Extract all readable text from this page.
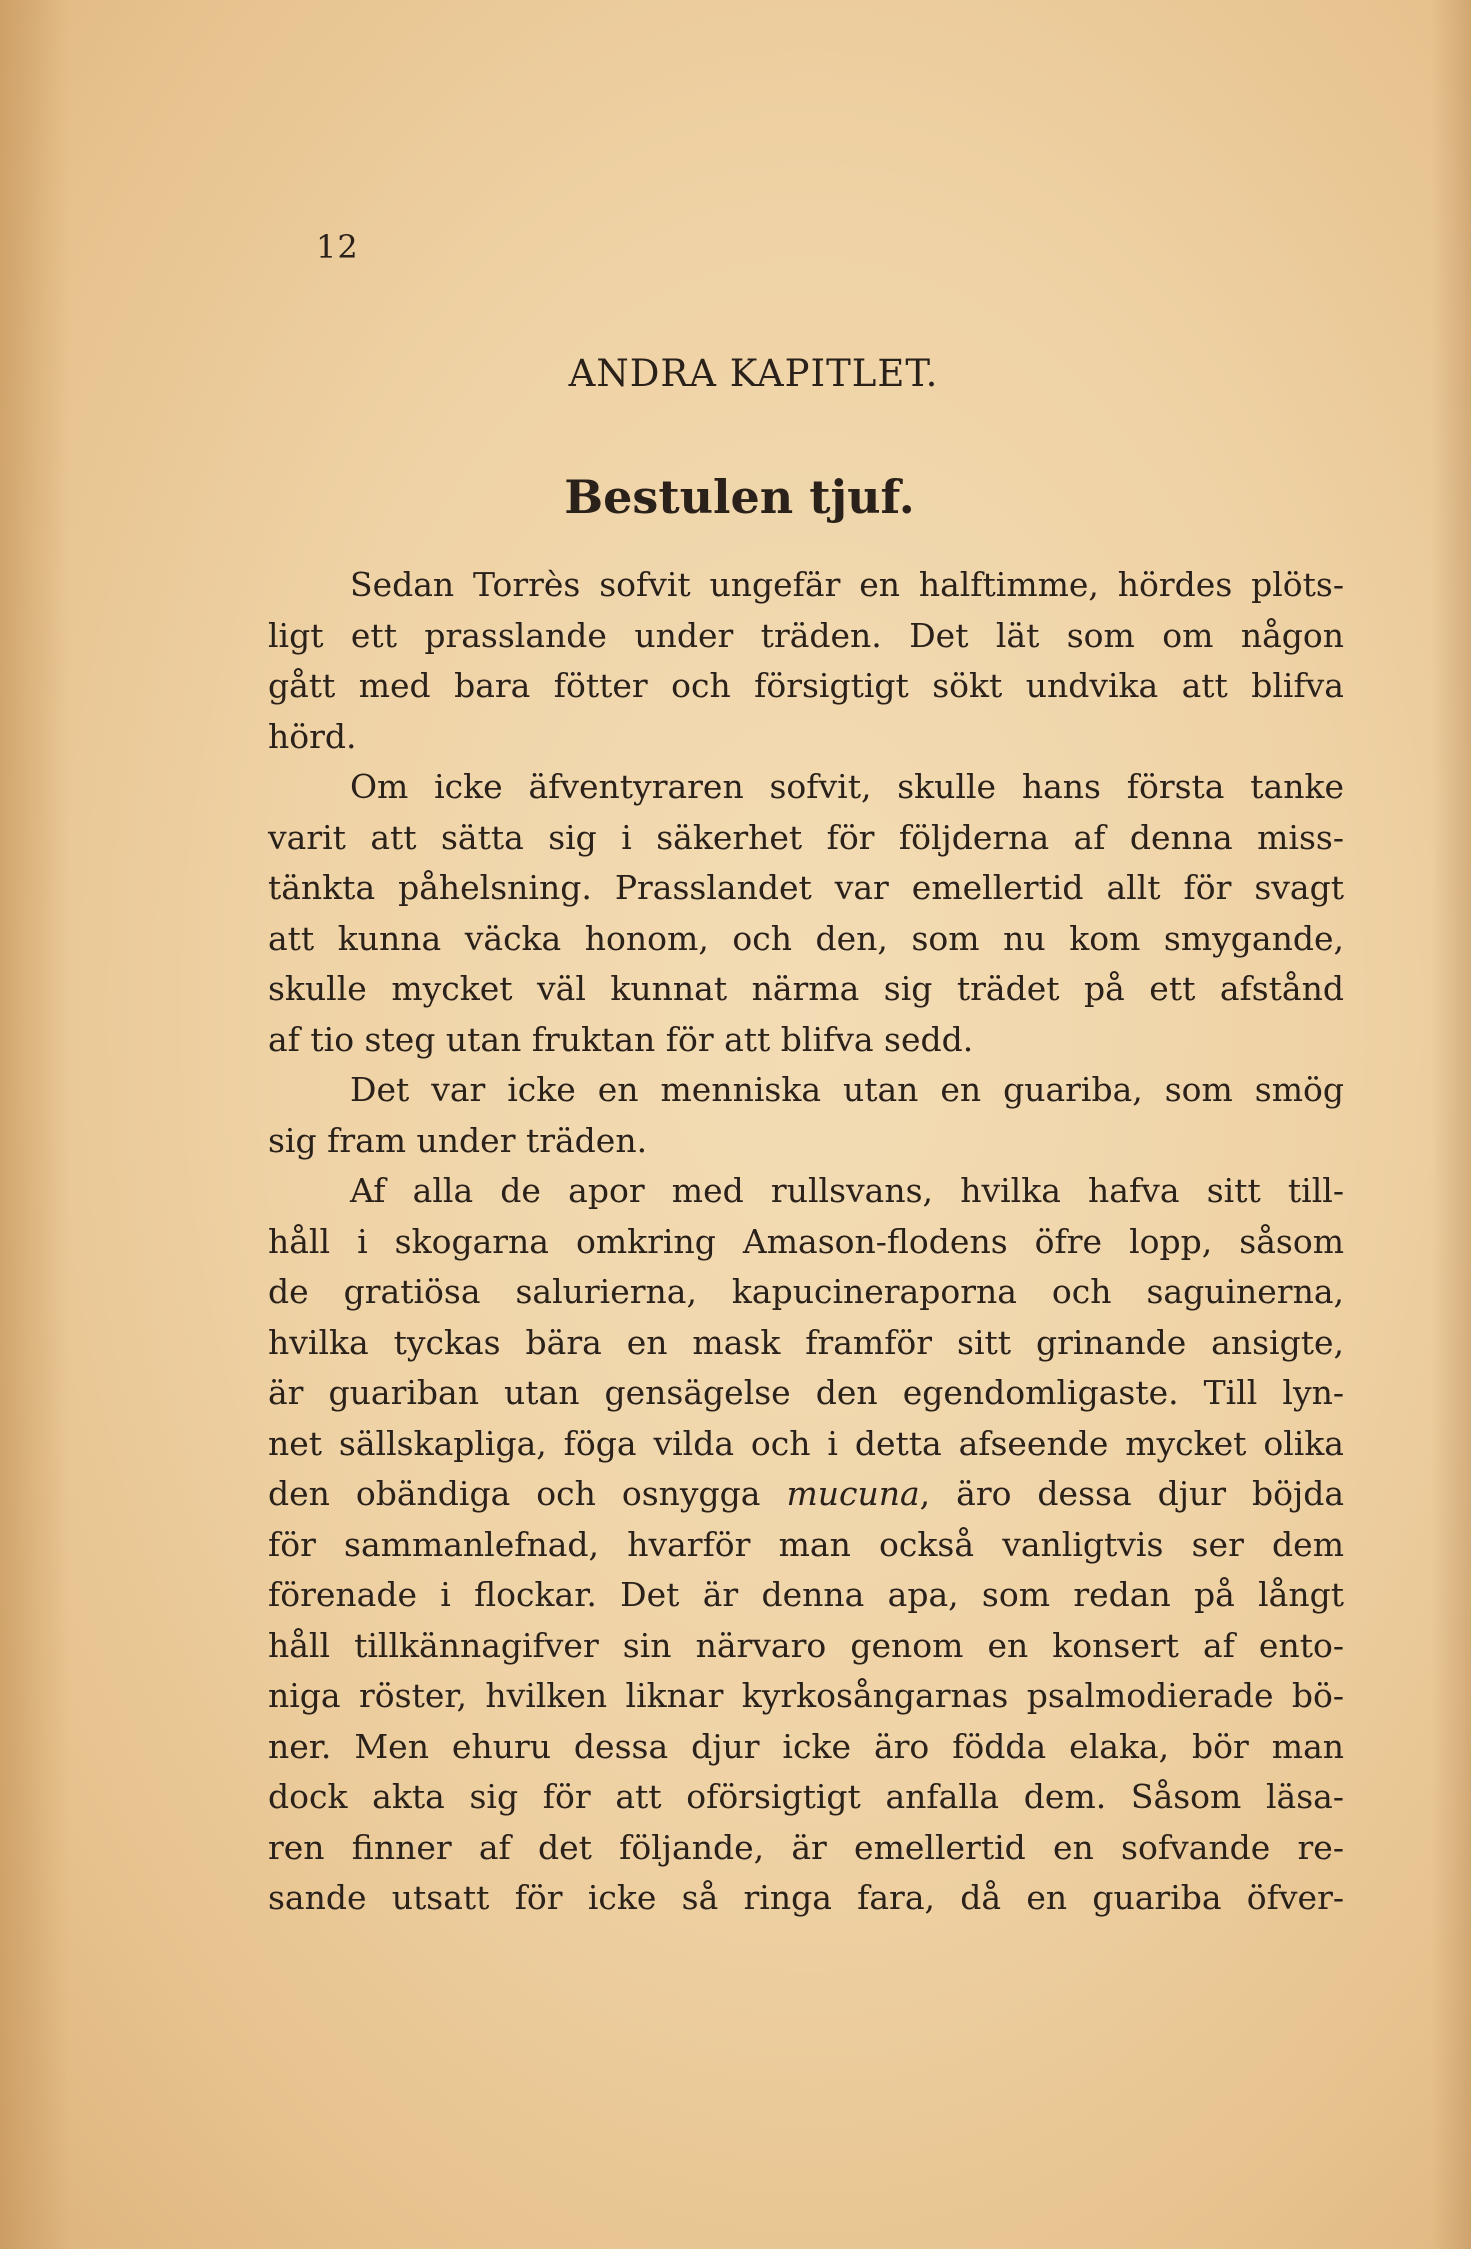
12
ANDRA KAPITLET.
Bestulen tjuf.
Sedan Torrès sofvit ungefär en halftimme, hördes plöts-
ligt ett prasslande under träden. Det lät som om någon
gått med bara fötter och försigtigt sökt undvika att blifva
hörd.
Om icke äfventyraren sofvit, skulle hans första tanke
varit att sätta sig i säkerhet för följderna af denna miss-
tänkta påhelsning. Prasslandet var emellertid allt för svagt
att kunna väcka honom, och den, som nu kom smygande,
skulle mycket väl kunnat närma sig trädet på ett afstånd
af tio steg utan fruktan för att blifva sedd.
Det var icke en menniska utan en guariba, som smög
sig fram under träden.
Af alla de apor med rullsvans, hvilka hafva sitt till-
håll i skogarna omkring Amason-flodens öfre lopp, såsom
de gratiösa salurierna, kapucineraporna och saguinerna,
hvilka tyckas bära en mask framför sitt grinande ansigte,
är guariban utan gensägelse den egendomligaste. Till lyn-
net sällskapliga, föga vilda och i detta afseende mycket olika
den obändiga och osnygga mucuna, äro dessa djur böjda
för sammanlefnad, hvarför man också vanligtvis ser dem
förenade i flockar. Det är denna apa, som redan på långt
håll tillkännagifver sin närvaro genom en konsert af ento-
niga röster, hvilken liknar kyrkosångarnas psalmodierade bö-
ner. Men ehuru dessa djur icke äro födda elaka, bör man
dock akta sig för att oförsigtigt anfalla dem. Såsom läsa-
ren finner af det följande, är emellertid en sofvande re-
sande utsatt för icke så ringa fara, då en guariba öfver-
